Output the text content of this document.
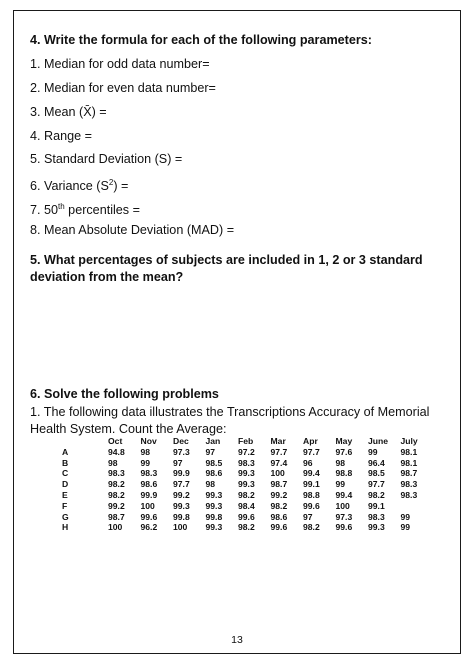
4. Write the formula for each of the following parameters:
1. Median for odd data number=
2. Median for even data number=
3. Mean (X̄) =
4. Range =
5. Standard Deviation (S) =
6. Variance $(S^2)$ =
7. 50th percentiles =
8. Mean Absolute Deviation (MAD) =
5. What percentages of subjects are included in 1, 2 or 3 standard deviation from the mean?
6. Solve the following problems
1. The following data illustrates the Transcriptions Accuracy of Memorial Health System. Count the Average:
	Oct	Nov	Dec	Jan	Feb	Mar	Apr	May	June	July
A	94.8	98	97.3	97	97.2	97.7	97.7	97.6	99	98.1
B	98	99	97	98.5	98.3	97.4	96	98	96.4	98.1
C	98.3	98.3	99.9	98.6	99.3	100	99.4	98.8	98.5	98.7
D	98.2	98.6	97.7	98	99.3	98.7	99.1	99	97.7	98.3
E	98.2	99.9	99.2	99.3	98.2	99.2	98.8	99.4	98.2	98.3
F	99.2	100	99.3	99.3	98.4	98.2	99.6	100	99.1	
G	98.7	99.6	99.8	99.8	99.6	98.6	97	97.3	98.3	99
H	100	96.2	100	99.3	98.2	99.6	98.2	99.6	99.3	99
13
